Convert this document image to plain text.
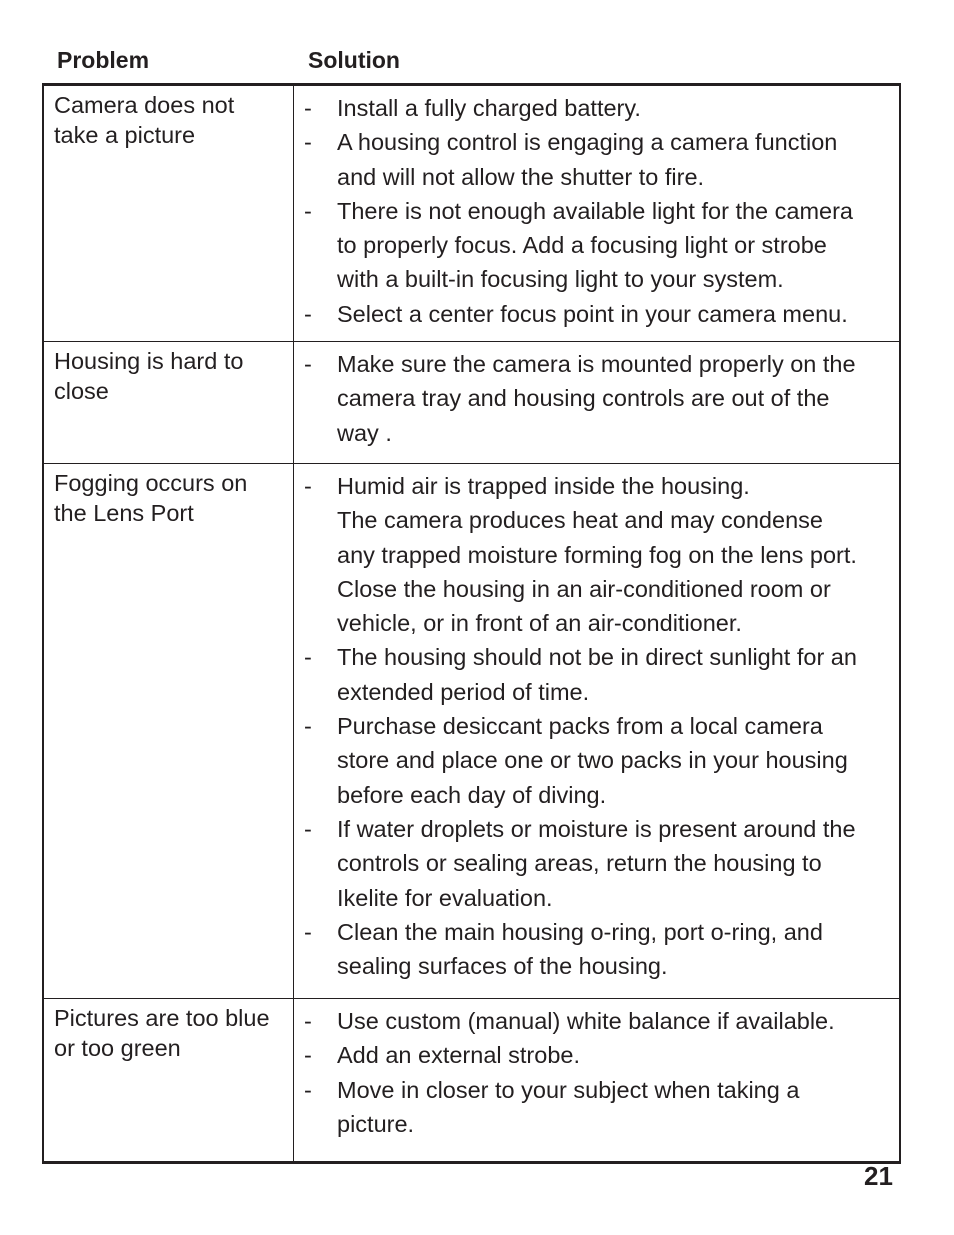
Problem	Solution
Camera does not
take a picture
- Install a fully charged battery.
- A housing control is engaging a camera function
and will not allow the shutter to fire.
- There is not enough available light for the camera
to properly focus. Add a focusing light or strobe
with a built-in focusing light to your system.
- Select a center focus point in your camera menu.
Housing is hard to
close
- Make sure the camera is mounted properly on the
camera tray and housing controls are out of the
way .
Fogging occurs on
the Lens Port
- Humid air is trapped inside the housing.
The camera produces heat and may condense
any trapped moisture forming fog on the lens port.
Close the housing in an air-conditioned room or
vehicle, or in front of an air-conditioner.
- The housing should not be in direct sunlight for an
extended period of time.
- Purchase desiccant packs from a local camera
store and place one or two packs in your housing
before each day of diving.
- If water droplets or moisture is present around the
controls or sealing areas, return the housing to
Ikelite for evaluation.
- Clean the main housing o-ring, port o-ring, and
sealing surfaces of the housing.
Pictures are too blue
or too green
- Use custom (manual) white balance if available.
- Add an external strobe.
- Move in closer to your subject when taking a
picture.
21
